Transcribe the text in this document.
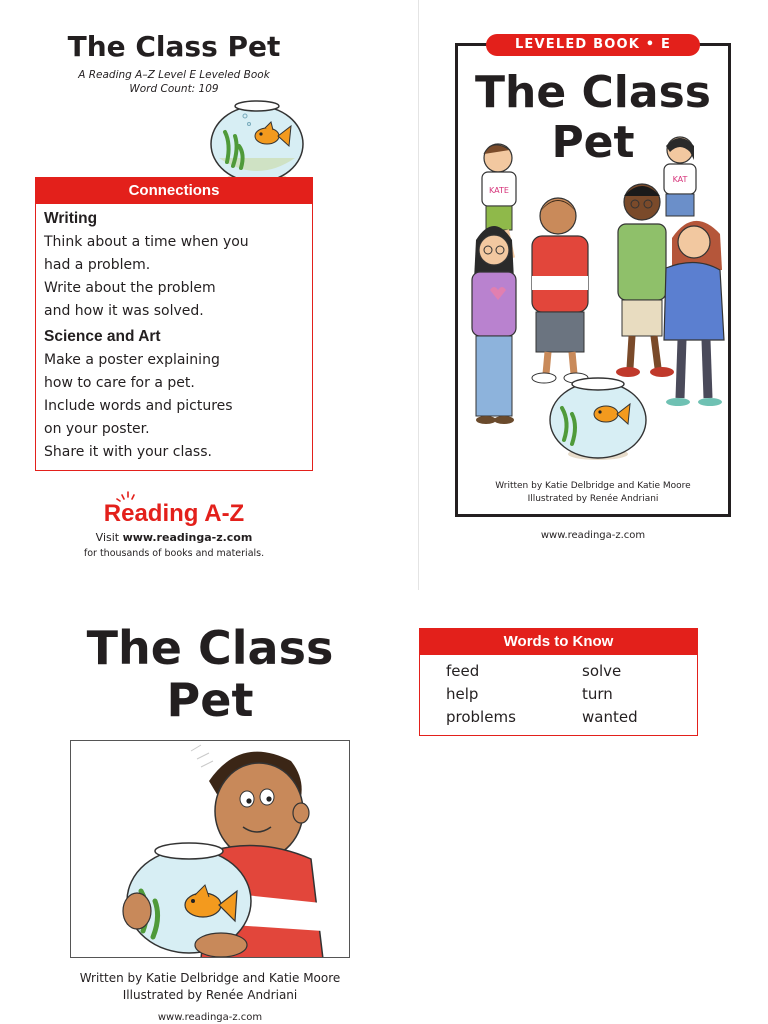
The Class Pet
A Reading A–Z Level E Leveled Book
Word Count: 109
Connections
Writing
Think about a time when you
had a problem.
Write about the problem
and how it was solved.
Science and Art
Make a poster explaining
how to care for a pet.
Include words and pictures
on your poster.
Share it with your class.
Reading A-Z
Visit www.readinga-z.com
for thousands of books and materials.
LEVELED BOOK • E
The Class
Pet
KATE
KAT
Written by Katie Delbridge and Katie Moore
Illustrated by Renée Andriani
www.readinga-z.com
The Class
Pet
Written by Katie Delbridge and Katie Moore
Illustrated by Renée Andriani
www.readinga-z.com
Words to Know
feed
help
problems
solve
turn
wanted
